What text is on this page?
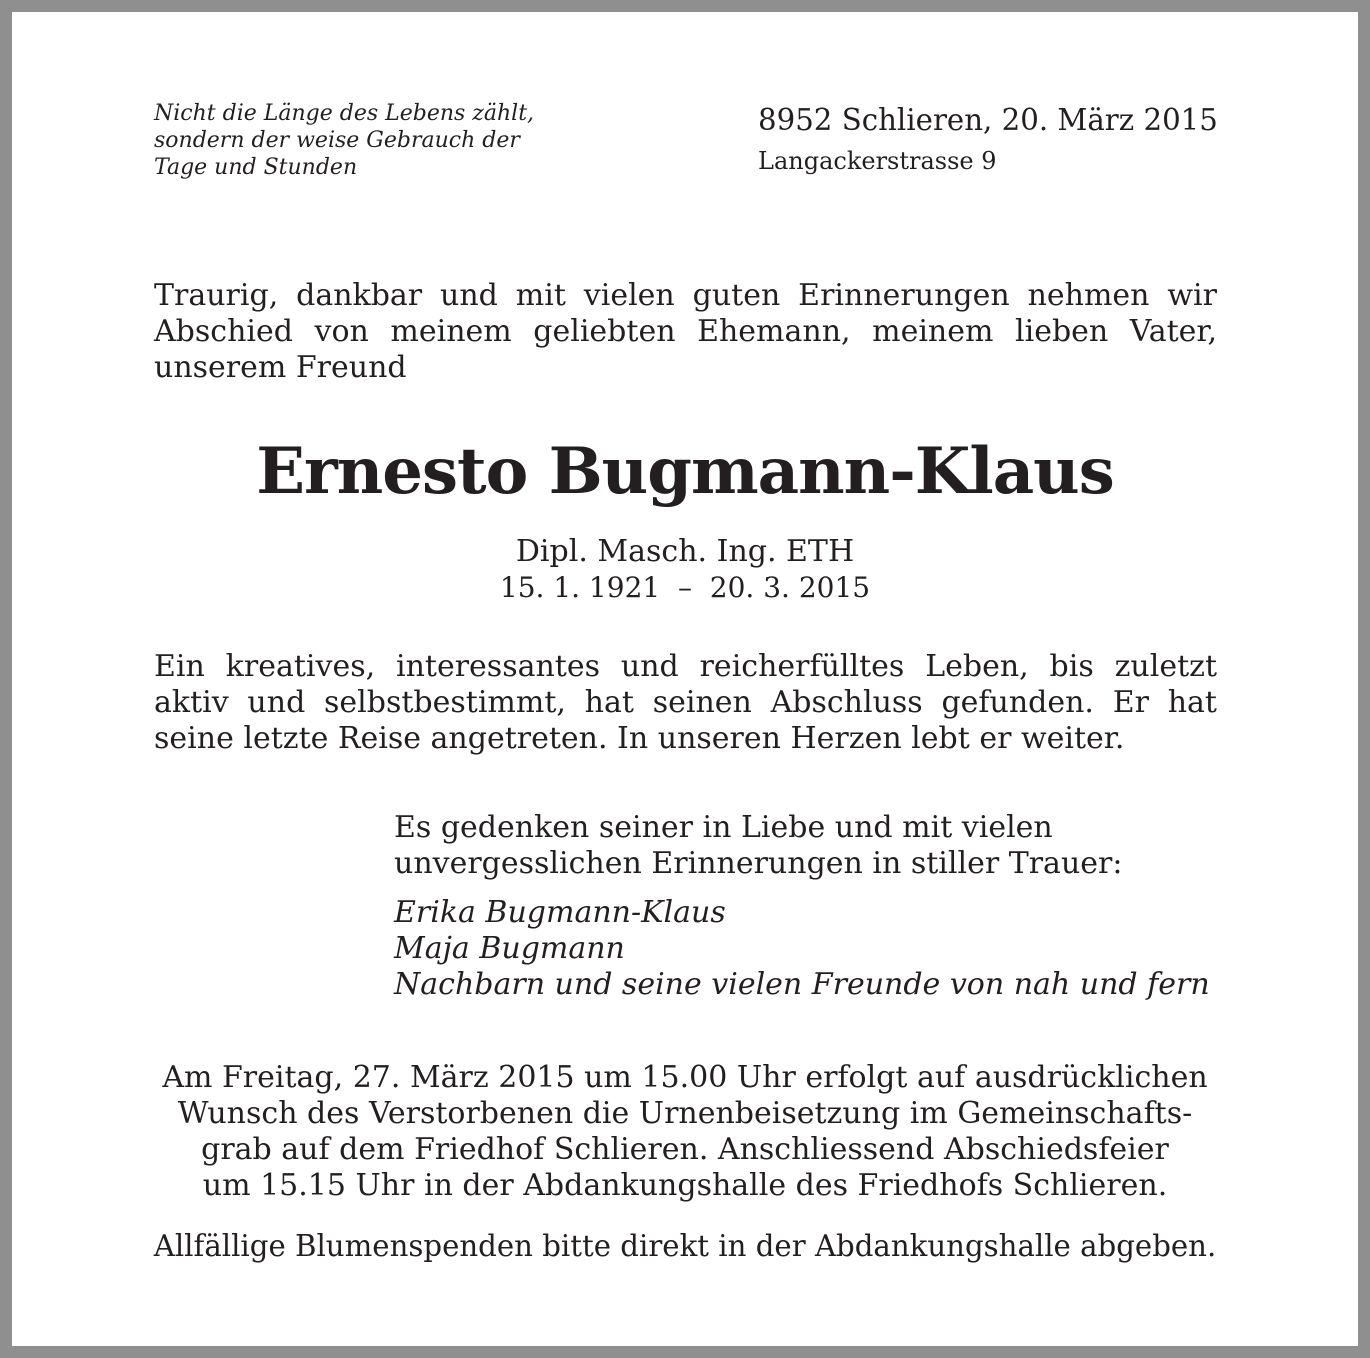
Nicht die Länge des Lebens zählt,
sondern der weise Gebrauch der
Tage und Stunden
8952 Schlieren, 20. März 2015
Langackerstrasse 9
Traurig, dankbar und mit vielen guten Erinnerungen nehmen wir
Abschied von meinem geliebten Ehemann, meinem lieben Vater,
unserem Freund
Ernesto Bugmann-Klaus
Dipl. Masch. Ing. ETH
15. 1. 1921  –  20. 3. 2015
Ein kreatives, interessantes und reicherfülltes Leben, bis zuletzt
aktiv und selbstbestimmt, hat seinen Abschluss gefunden. Er hat
seine letzte Reise angetreten. In unseren Herzen lebt er weiter.
Es gedenken seiner in Liebe und mit vielen
unvergesslichen Erinnerungen in stiller Trauer:
Erika Bugmann-Klaus
Maja Bugmann
Nachbarn und seine vielen Freunde von nah und fern
Am Freitag, 27. März 2015 um 15.00 Uhr erfolgt auf ausdrücklichen
Wunsch des Verstorbenen die Urnenbeisetzung im Gemeinschafts-
grab auf dem Friedhof Schlieren. Anschliessend Abschiedsfeier
um 15.15 Uhr in der Abdankungshalle des Friedhofs Schlieren.
Allfällige Blumenspenden bitte direkt in der Abdankungshalle abgeben.
